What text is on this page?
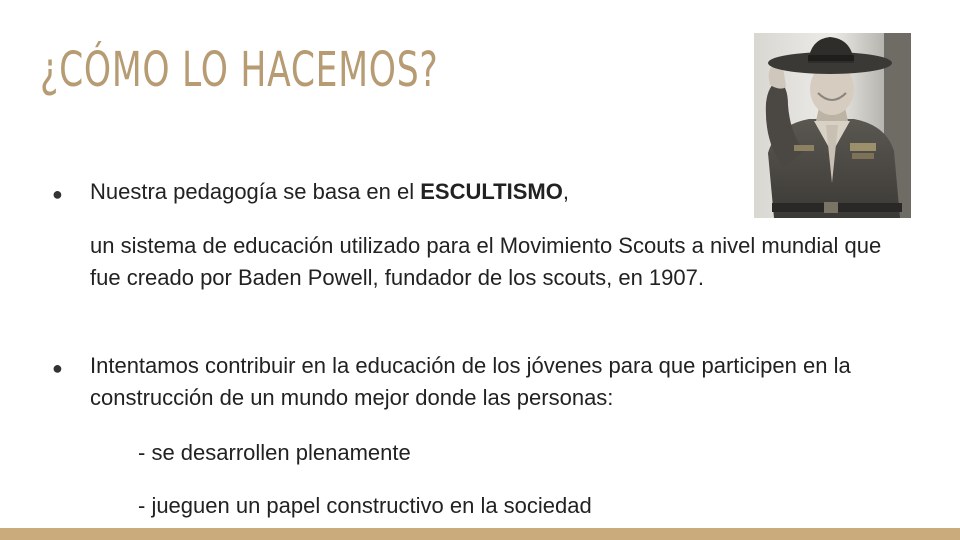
¿CÓMO LO HACEMOS?
● Nuestra pedagogía se basa en el ESCULTISMO,

un sistema de educación utilizado para el Movimiento Scouts a nivel mundial que fue creado por Baden Powell, fundador de los scouts, en 1907.

● Intentamos contribuir en la educación de los jóvenes para que participen en la construcción de un mundo mejor donde las personas:

- se desarrollen plenamente

- jueguen un papel constructivo en la sociedad
